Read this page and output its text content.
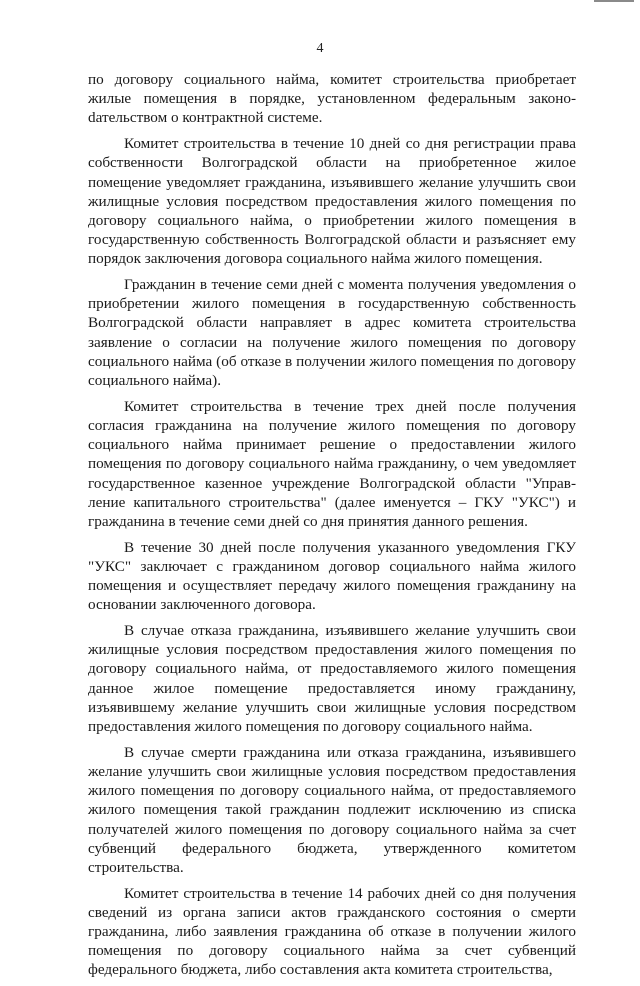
4

по договору социального найма, комитет строительства приобретает жилые помещения в порядке, установленном федеральным законоdательством о контрактной системе.

Комитет строительства в течение 10 дней со дня регистрации права собственности Волгоградской области на приобретенное жилое помещение уведомляет гражданина, изъявившего желание улучшить свои жилищные условия посредством предоставления жилого помещения по договору социального найма, о приобретении жилого помещения в государственную собственность Волгоградской области и разъясняет ему порядок заключения договора социального найма жилого помещения.

Гражданин в течение семи дней с момента получения уведомления о приобретении жилого помещения в государственную собственность Волгоградской области направляет в адрес комитета строительства заявление о согласии на получение жилого помещения по договору социального найма (об отказе в получении жилого помещения по договору социального найма).

Комитет строительства в течение трех дней после получения согласия гражданина на получение жилого помещения по договору социального найма принимает решение о предоставлении жилого помещения по договору социального найма гражданину, о чем уведомляет государственное казенное учреждение Волгоградской области "Управление капитального строительства" (далее именуется – ГКУ "УКС") и гражданина в течение семи дней со дня принятия данного решения.

В течение 30 дней после получения указанного уведомления ГКУ "УКС" заключает с гражданином договор социального найма жилого помещения и осуществляет передачу жилого помещения гражданину на основании заключенного договора.

В случае отказа гражданина, изъявившего желание улучшить свои жилищные условия посредством предоставления жилого помещения по договору социального найма, от предоставляемого жилого помещения данное жилое помещение предоставляется иному гражданину, изъявившему желание улучшить свои жилищные условия посредством предоставления жилого помещения по договору социального найма.

В случае смерти гражданина или отказа гражданина, изъявившего желание улучшить свои жилищные условия посредством предоставления жилого помещения по договору социального найма, от предоставляемого жилого помещения такой гражданин подлежит исключению из списка получателей жилого помещения по договору социального найма за счет субвенций федерального бюджета, утвержденного комитетом строительства.

Комитет строительства в течение 14 рабочих дней со дня получения сведений из органа записи актов гражданского состояния о смерти гражданина, либо заявления гражданина об отказе в получении жилого помещения по договору социального найма за счет субвенций федерального бюджета, либо составления акта комитета строительства,
